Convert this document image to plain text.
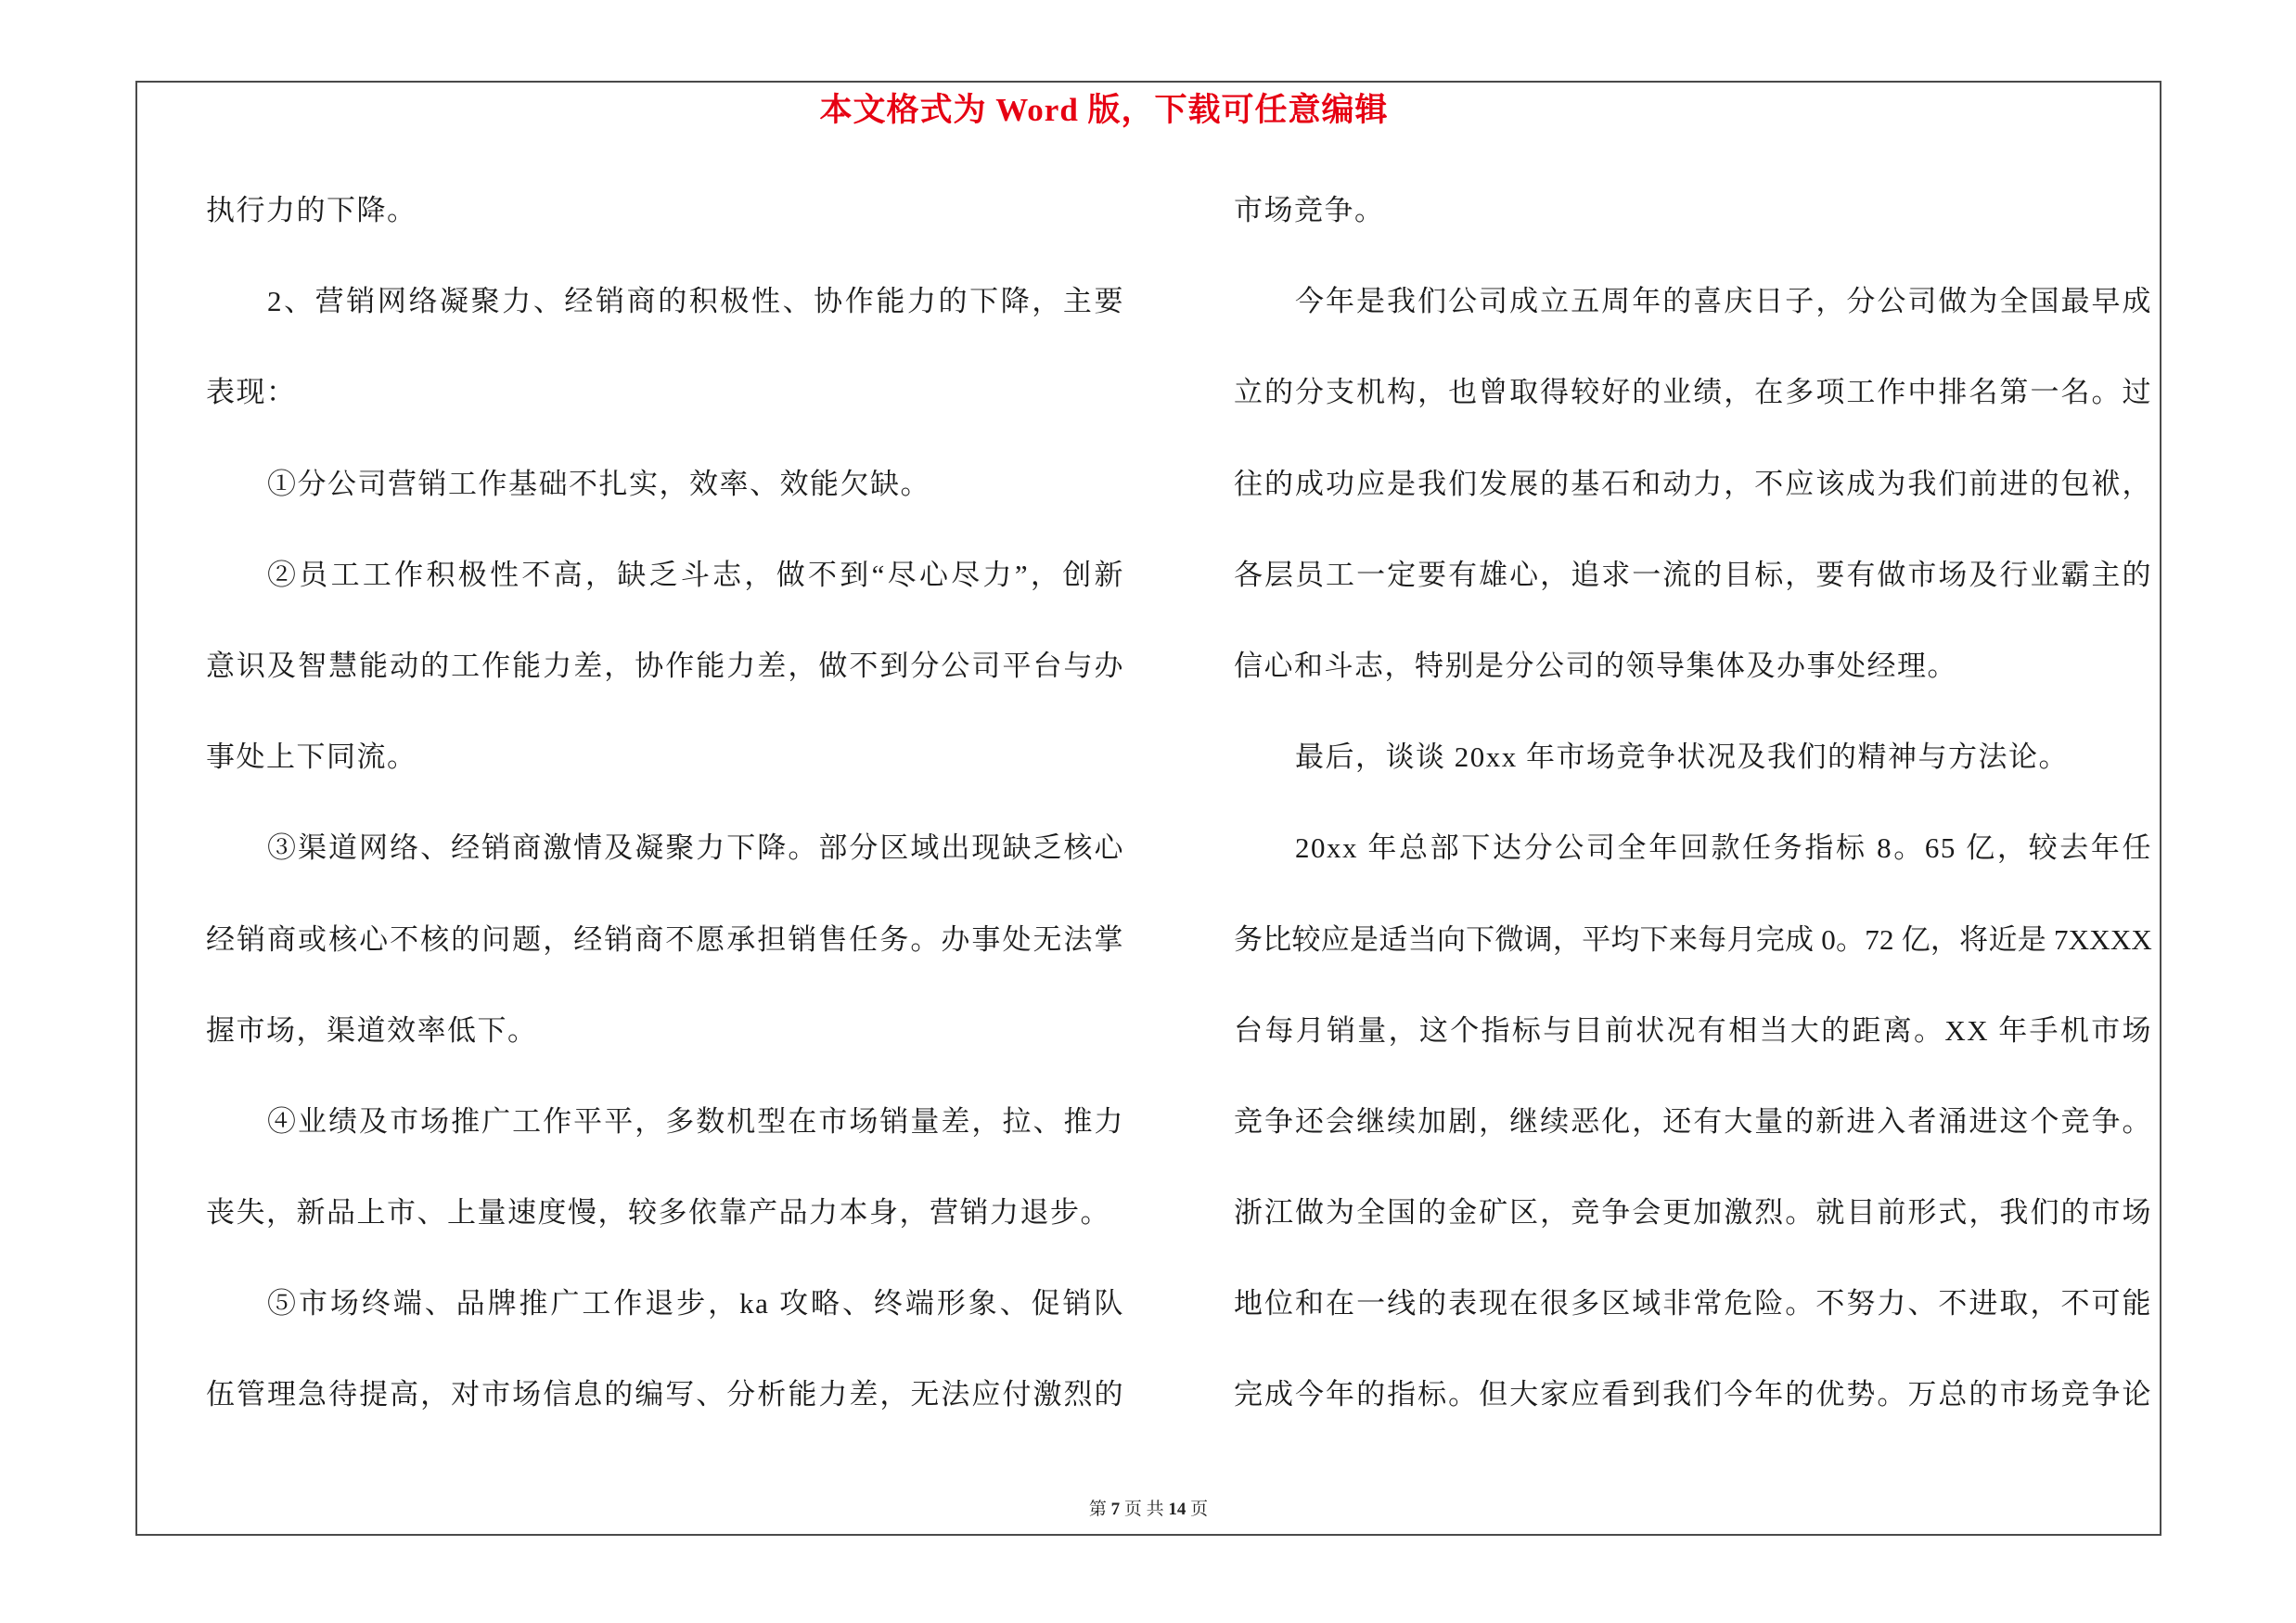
本文格式为 Word 版，下载可任意编辑
执行力的下降。
2、营销网络凝聚力、经销商的积极性、协作能力的下降，主要
表现：
①分公司营销工作基础不扎实，效率、效能欠缺。
②员工工作积极性不高，缺乏斗志，做不到“尽心尽力”，创新
意识及智慧能动的工作能力差，协作能力差，做不到分公司平台与办
事处上下同流。
③渠道网络、经销商激情及凝聚力下降。部分区域出现缺乏核心
经销商或核心不核的问题，经销商不愿承担销售任务。办事处无法掌
握市场，渠道效率低下。
④业绩及市场推广工作平平，多数机型在市场销量差，拉、推力
丧失，新品上市、上量速度慢，较多依靠产品力本身，营销力退步。
⑤市场终端、品牌推广工作退步，ka 攻略、终端形象、促销队
伍管理急待提高，对市场信息的编写、分析能力差，无法应付激烈的
市场竞争。
今年是我们公司成立五周年的喜庆日子，分公司做为全国最早成
立的分支机构，也曾取得较好的业绩，在多项工作中排名第一名。过
往的成功应是我们发展的基石和动力，不应该成为我们前进的包袱，
各层员工一定要有雄心，追求一流的目标，要有做市场及行业霸主的
信心和斗志，特别是分公司的领导集体及办事处经理。
最后，谈谈 20xx 年市场竞争状况及我们的精神与方法论。
20xx 年总部下达分公司全年回款任务指标 8。65 亿，较去年任
务比较应是适当向下微调，平均下来每月完成 0。72 亿，将近是 7XXXX
台每月销量，这个指标与目前状况有相当大的距离。XX 年手机市场
竞争还会继续加剧，继续恶化，还有大量的新进入者涌进这个竞争。
浙江做为全国的金矿区，竞争会更加激烈。就目前形式，我们的市场
地位和在一线的表现在很多区域非常危险。不努力、不进取，不可能
完成今年的指标。但大家应看到我们今年的优势。万总的市场竞争论
第 7 页 共 14 页
